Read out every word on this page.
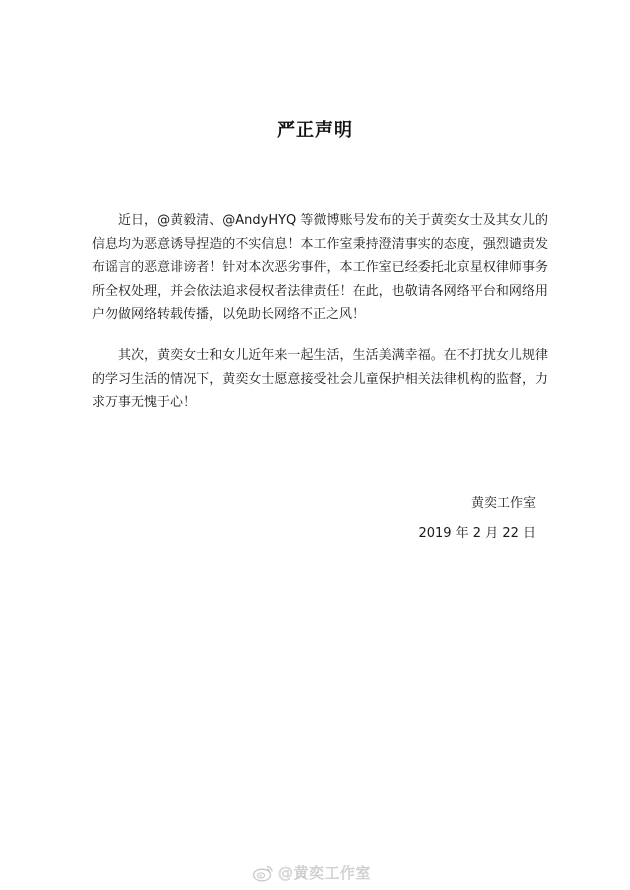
严正声明

近日，@黄毅清、@AndyHYQ 等微博账号发布的关于黄奕女士及其女儿的信息均为恶意诱导捏造的不实信息！本工作室秉持澄清事实的态度，强烈谴责发布谣言的恶意诽谤者！针对本次恶劣事件，本工作室已经委托北京星权律师事务所全权处理，并会依法追求侵权者法律责任！在此，也敬请各网络平台和网络用户勿做网络转载传播，以免助长网络不正之风！

其次，黄奕女士和女儿近年来一起生活，生活美满幸福。在不打扰女儿规律的学习生活的情况下，黄奕女士愿意接受社会儿童保护相关法律机构的监督，力求万事无愧于心！

黄奕工作室
2019 年 2 月 22 日
@黄奕工作室
